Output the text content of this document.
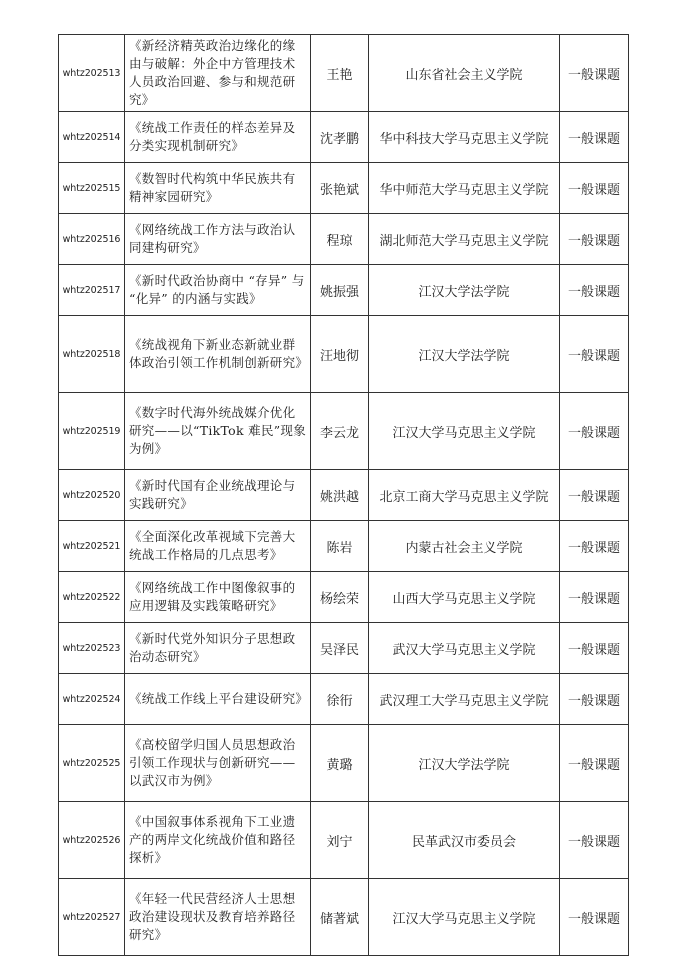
whtz202513	《新经济精英政治边缘化的缘由与破解：外企中方管理技术人员政治回避、参与和规范研究》	王艳	山东省社会主义学院	一般课题
whtz202514	《统战工作责任的样态差异及分类实现机制研究》	沈孝鹏	华中科技大学马克思主义学院	一般课题
whtz202515	《数智时代构筑中华民族共有精神家园研究》	张艳斌	华中师范大学马克思主义学院	一般课题
whtz202516	《网络统战工作方法与政治认同建构研究》	程琼	湖北师范大学马克思主义学院	一般课题
whtz202517	《新时代政治协商中 “存异” 与 “化异” 的内涵与实践》	姚振强	江汉大学法学院	一般课题
whtz202518	《统战视角下新业态新就业群体政治引领工作机制创新研究》	汪地彻	江汉大学法学院	一般课题
whtz202519	《数字时代海外统战媒介优化研究——以“TikTok 难民”现象为例》	李云龙	江汉大学马克思主义学院	一般课题
whtz202520	《新时代国有企业统战理论与实践研究》	姚洪越	北京工商大学马克思主义学院	一般课题
whtz202521	《全面深化改革视域下完善大统战工作格局的几点思考》	陈岩	内蒙古社会主义学院	一般课题
whtz202522	《网络统战工作中图像叙事的应用逻辑及实践策略研究》	杨绘荣	山西大学马克思主义学院	一般课题
whtz202523	《新时代党外知识分子思想政治动态研究》	吴泽民	武汉大学马克思主义学院	一般课题
whtz202524	《统战工作线上平台建设研究》	徐衎	武汉理工大学马克思主义学院	一般课题
whtz202525	《高校留学归国人员思想政治引领工作现状与创新研究——以武汉市为例》	黄璐	江汉大学法学院	一般课题
whtz202526	《中国叙事体系视角下工业遗产的两岸文化统战价值和路径探析》	刘宁	民革武汉市委员会	一般课题
whtz202527	《年轻一代民营经济人士思想政治建设现状及教育培养路径研究》	储著斌	江汉大学马克思主义学院	一般课题
